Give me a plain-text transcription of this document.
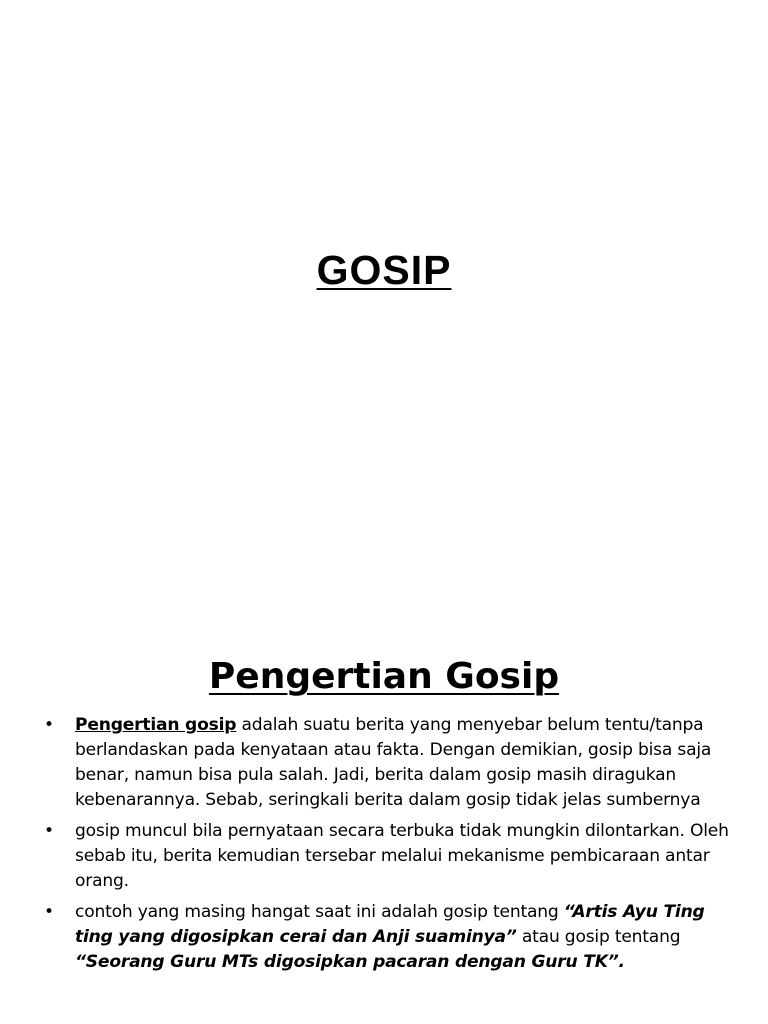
GOSIP
Pengertian Gosip
•	Pengertian gosip adalah suatu berita yang menyebar belum tentu/tanpa berlandaskan pada kenyataan atau fakta. Dengan demikian, gosip bisa saja benar, namun bisa pula salah. Jadi, berita dalam gosip masih diragukan kebenarannya. Sebab, seringkali berita dalam gosip tidak jelas sumbernya
•	gosip muncul bila pernyataan secara terbuka tidak mungkin dilontarkan. Oleh sebab itu, berita kemudian tersebar melalui mekanisme pembicaraan antar orang.
•	contoh yang masing hangat saat ini adalah gosip tentang “Artis Ayu Ting ting yang digosipkan cerai dan Anji suaminya” atau gosip tentang “Seorang Guru MTs digosipkan pacaran dengan Guru TK”.
